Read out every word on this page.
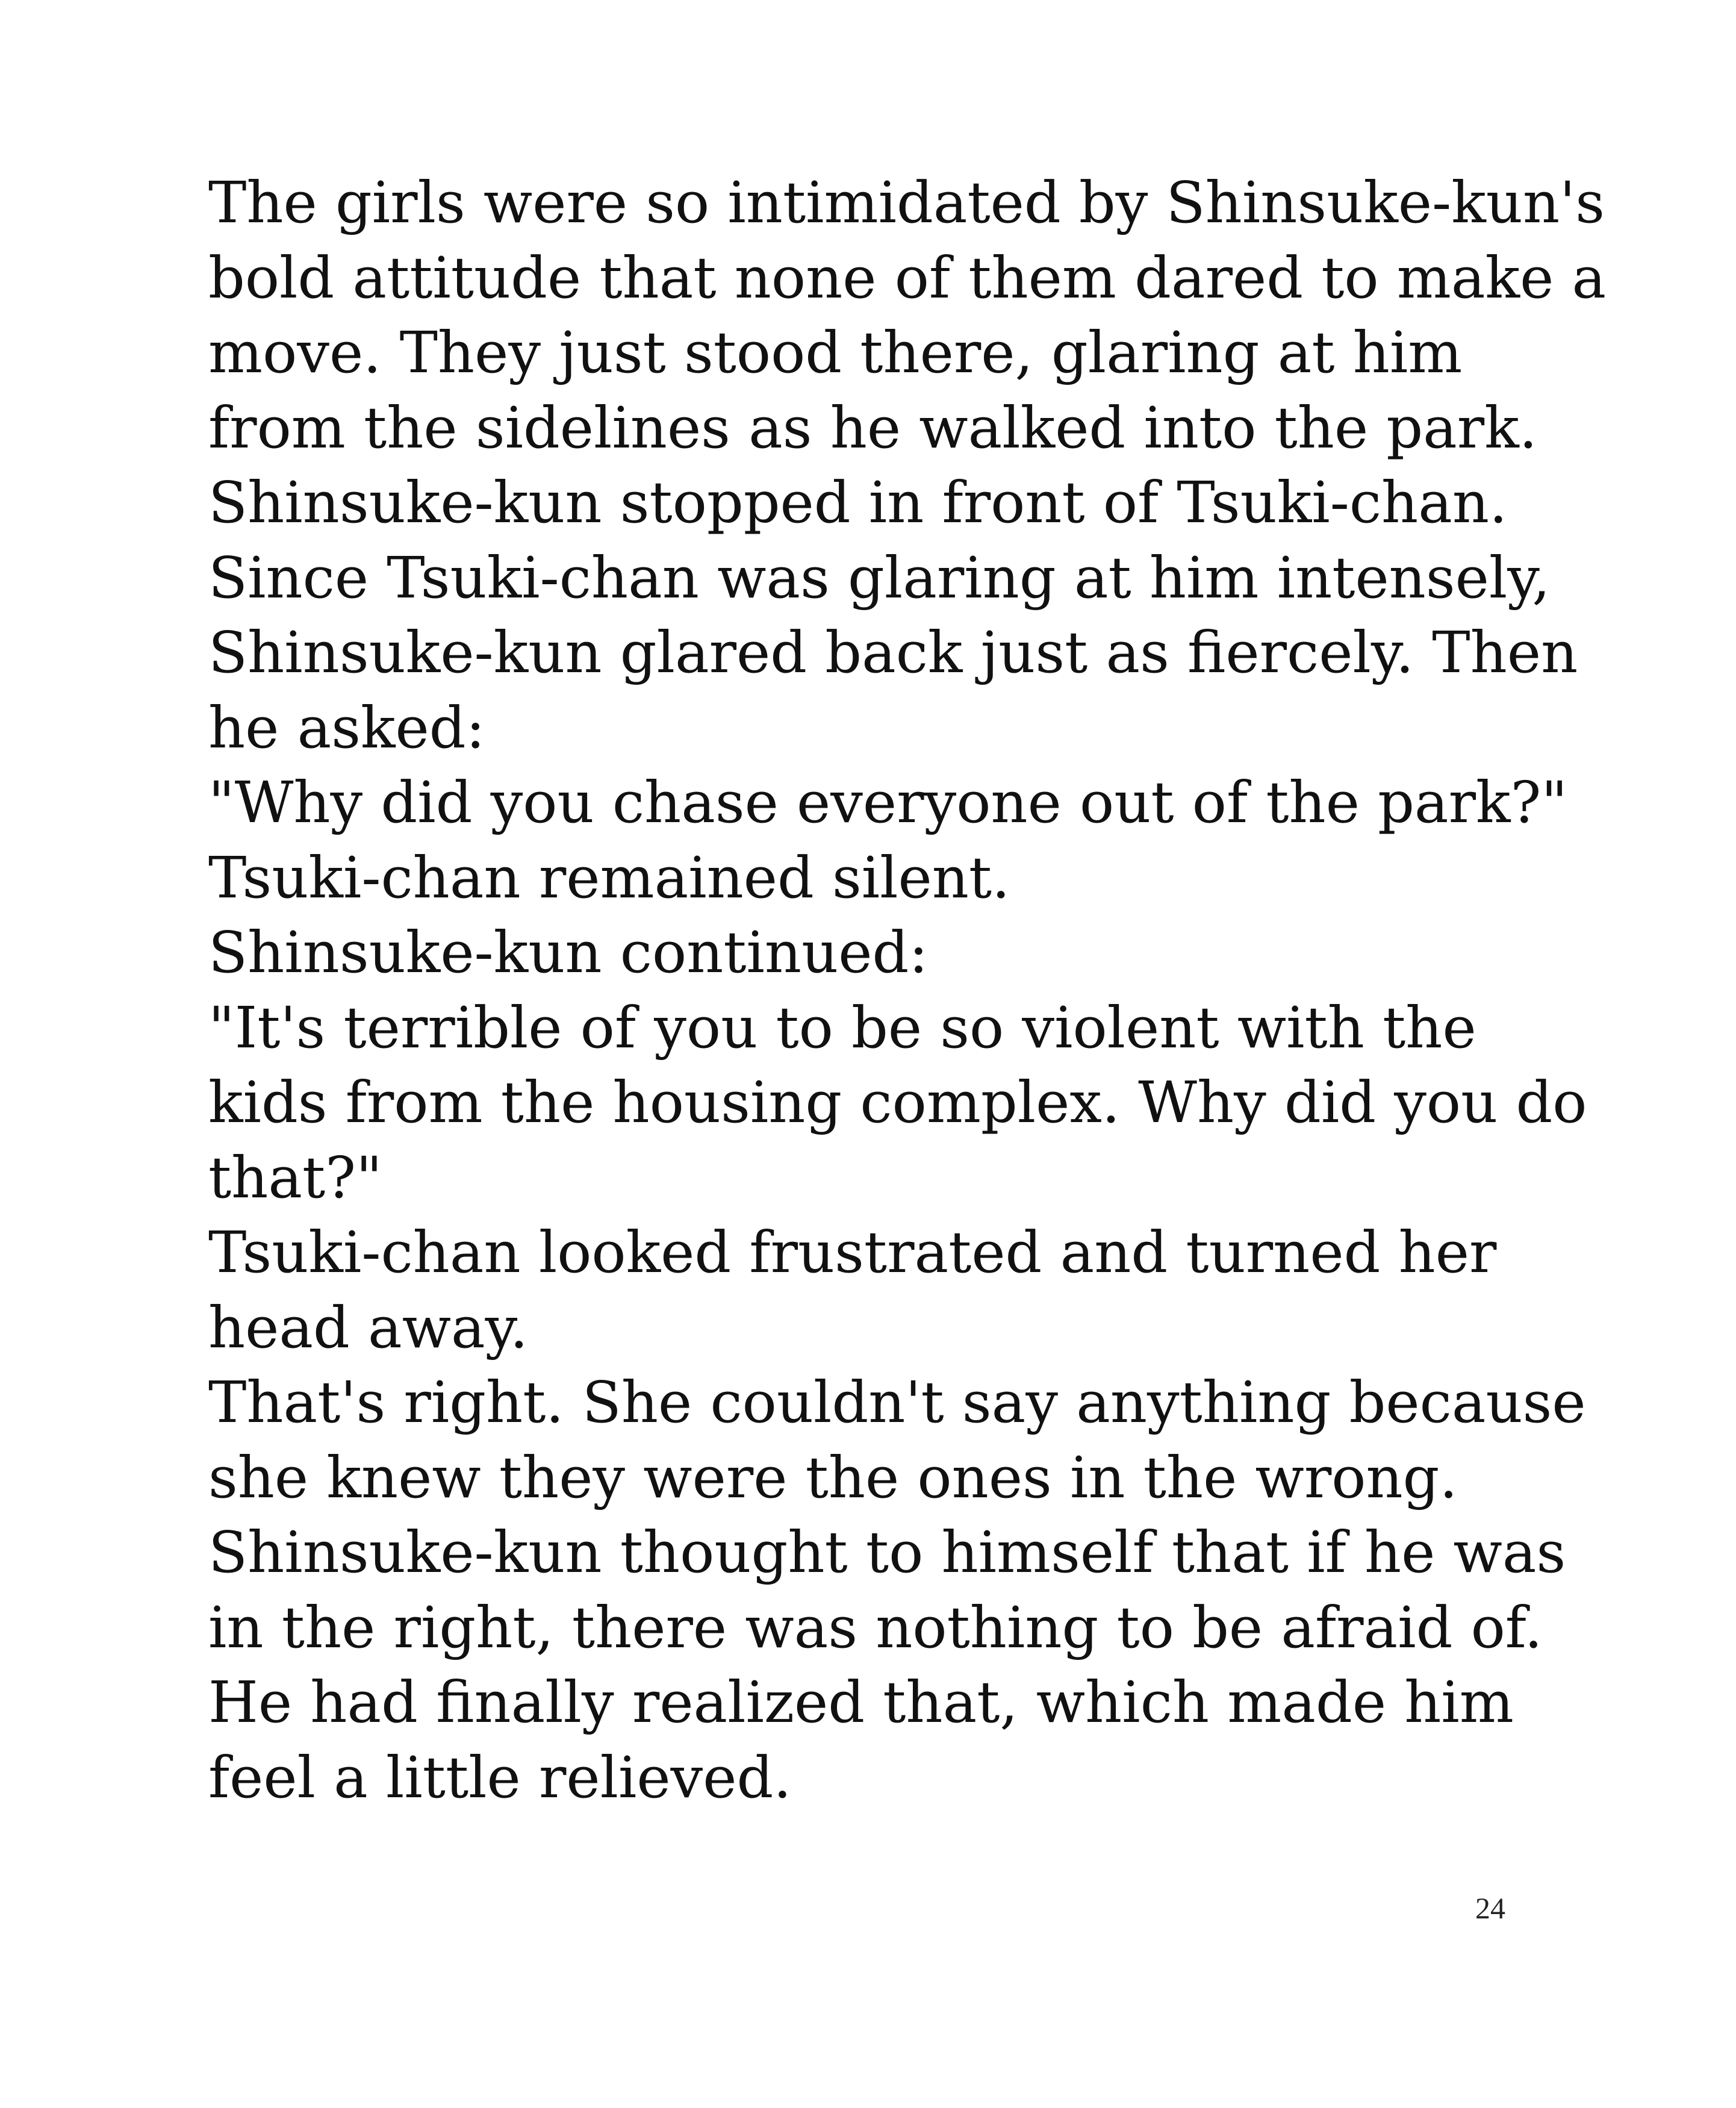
The girls were so intimidated by Shinsuke-kun's
bold attitude that none of them dared to make a
move. They just stood there, glaring at him
from the sidelines as he walked into the park.
Shinsuke-kun stopped in front of Tsuki-chan.
Since Tsuki-chan was glaring at him intensely,
Shinsuke-kun glared back just as fiercely. Then
he asked:
"Why did you chase everyone out of the park?"
Tsuki-chan remained silent.
Shinsuke-kun continued:
"It's terrible of you to be so violent with the
kids from the housing complex. Why did you do
that?"
Tsuki-chan looked frustrated and turned her
head away.
That's right. She couldn't say anything because
she knew they were the ones in the wrong.
Shinsuke-kun thought to himself that if he was
in the right, there was nothing to be afraid of.
He had finally realized that, which made him
feel a little relieved.
24
